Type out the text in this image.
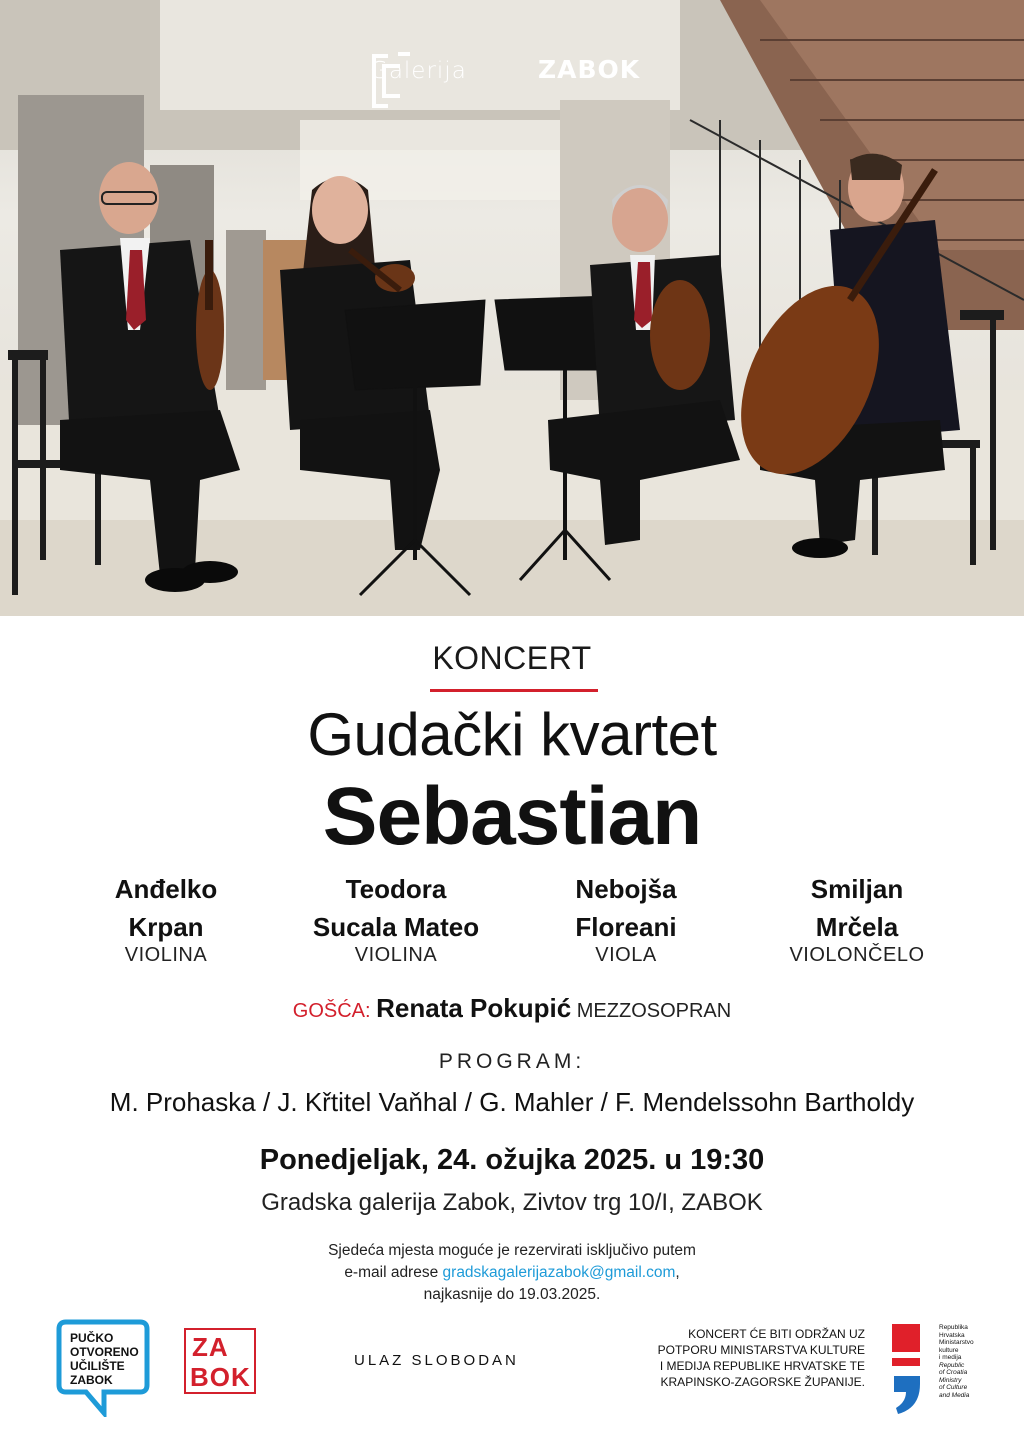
Galerija	ZABOK
KONCERT
Gudački kvartet
Sebastian
Anđelko
Krpan
VIOLINA
Teodora
Sucala Mateo
VIOLINA
Nebojša
Floreani
VIOLA
Smiljan
Mrčela
VIOLONČELO
GOŠĆA: Renata Pokupić MEZZOSOPRAN
PROGRAM:
M. Prohaska / J. Křtitel Vaňhal / G. Mahler / F. Mendelssohn Bartholdy
Ponedjeljak, 24. ožujka 2025. u 19:30
Gradska galerija Zabok, Zivtov trg 10/I, ZABOK
Sjedeća mjesta moguće je rezervirati isključivo putem
e-mail adrese gradskagalerijazabok@gmail.com,
najkasnije do 19.03.2025.
PUČKO
OTVORENO
UČILIŠTE
ZABOK
ZA
BOK
ULAZ SLOBODAN
KONCERT ĆE BITI ODRŽAN UZ
POTPORU MINISTARSTVA KULTURE
I MEDIJA REPUBLIKE HRVATSKE TE
KRAPINSKO-ZAGORSKE ŽUPANIJE.
Republika
Hrvatska
Ministarstvo
kulture
i medija
Republic
of Croatia
Ministry
of Culture
and Media
